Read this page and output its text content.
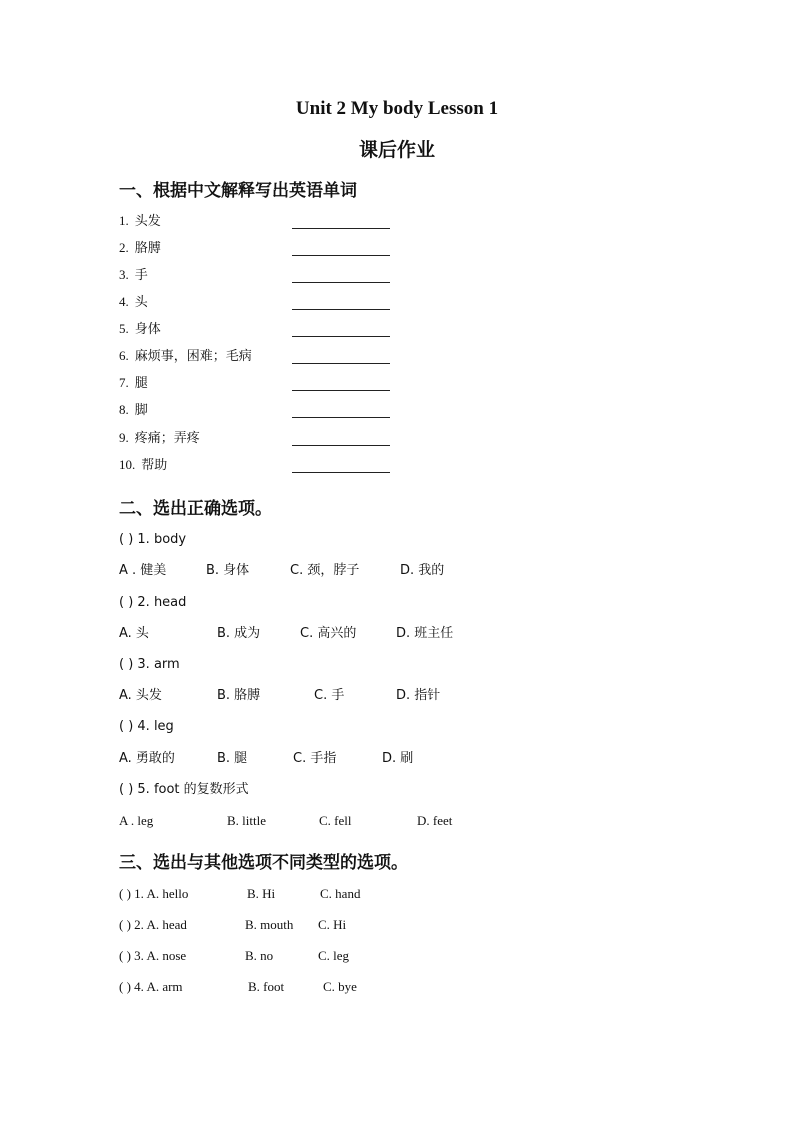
Unit 2 My body Lesson 1
课后作业
一、根据中文解释写出英语单词
1. 头发
2. 胳膊
3. 手
4. 头
5. 身体
6. 麻烦事，困难；毛病
7. 腿
8. 脚
9. 疼痛；弄疼
10. 帮助
二、选出正确选项。
( ) 1. body
A . 健美	B. 身体	C. 颈，脖子	D. 我的
( ) 2. head
A. 头	B. 成为	C. 高兴的	D. 班主任
( ) 3. arm
A. 头发	B. 胳膊	C. 手	D. 指针
( ) 4. leg
A. 勇敢的	B. 腿	C. 手指	D. 刷
( ) 5. foot 的复数形式
A . leg	B. little	C. fell	D. feet
三、选出与其他选项不同类型的选项。
( ) 1. A. hello	B. Hi	C. hand
( ) 2. A. head	B. mouth C. Hi
( ) 3. A. nose	B. no	C. leg
( ) 4. A. arm	B. foot	C. bye
